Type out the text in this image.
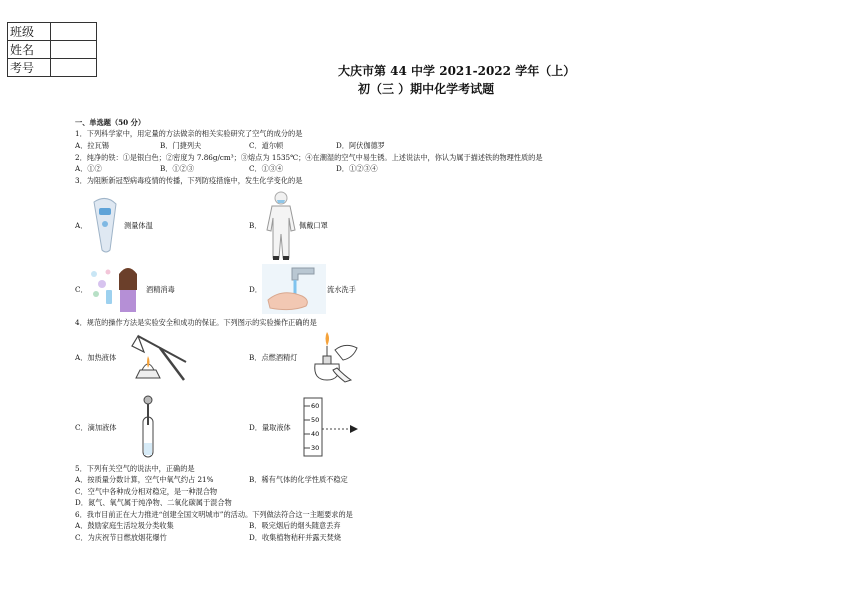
班级	
姓名	
考号		大庆市第 44 中学 2021-2022 学年（上）
初（三 ）期中化学考试题
一、单选题（50 分）
1．下列科学家中，用定量的方法做亲的相关实验研究了空气的成分的是
A．拉瓦锡	B．门捷列夫	C．道尔顿	D．阿伏伽德罗
2．纯净的铁：①是银白色；②密度为 7.86g/cm³；③熔点为 1535℃；④在潮湿的空气中易生锈。上述说法中，你认为属于描述铁的物理性质的是
A．①②	B．①②③	C．①③④	D．①②③④
3．为阻断新冠型病毒疫情的传播，下列防疫措施中，发生化学变化的是
A．	测量体温	B．	佩戴口罩
C．	酒精消毒	D．	流水洗手
4．规范的操作方法是实验安全和成功的保证。下列图示的实验操作正确的是
A．加热液体	B．点燃酒精灯
C．滴加液体	D．量取液体
60
50
40
30
5．下列有关空气的说法中，正确的是
A．按质量分数计算，空气中氧气约占 21%	B．稀有气体的化学性质不稳定
C．空气中各种成分相对稳定，是一种混合物
D．氮气、氧气属于纯净物、二氧化碳属于混合物
6．我市目前正在大力推进“创建全国文明城市”的活动。下列做法符合这一主题要求的是
A．鼓励家庭生活垃圾分类收集	B．吸完烟后的烟头随意丢弃
C．为庆祝节日燃放烟花爆竹	D．收集植物秸秆并露天焚烧
